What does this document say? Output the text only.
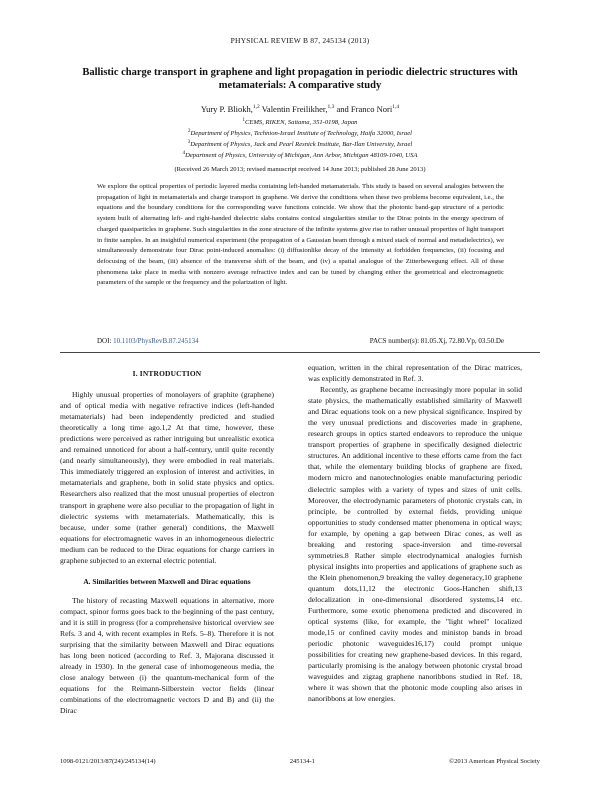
PHYSICAL REVIEW B 87, 245134 (2013)
Ballistic charge transport in graphene and light propagation in periodic dielectric structures with metamaterials: A comparative study
Yury P. Bliokh,$^{1,2}$ Valentin Freilikher,$^{1,3}$ and Franco Nori$^{1,4}$
$^1$CEMS, RIKEN, Saitama, 351-0198, Japan
$^2$Department of Physics, Technion-Israel Institute of Technology, Haifa 32000, Israel
$^3$Department of Physics, Jack and Pearl Resnick Institute, Bar-Ilan University, Israel
$^4$Department of Physics, University of Michigan, Ann Arbor, Michigan 48109-1040, USA
(Received 26 March 2013; revised manuscript received 14 June 2013; published 28 June 2013)
We explore the optical properties of periodic layered media containing left-handed metamaterials. This study is based on several analogies between the propagation of light in metamaterials and charge transport in graphene. We derive the conditions when these two problems become equivalent, i.e., the equations and the boundary conditions for the corresponding wave functions coincide. We show that the photonic band-gap structure of a periodic system built of alternating left- and right-handed dielectric slabs contains conical singularities similar to the Dirac points in the energy spectrum of charged quasiparticles in graphene. Such singularities in the zone structure of the infinite systems give rise to rather unusual properties of light transport in finite samples. In an insightful numerical experiment (the propagation of a Gaussian beam through a mixed stack of normal and metadielectrics), we simultaneously demonstrate four Dirac point-induced anomalies: (i) diffusionlike decay of the intensity at forbidden frequencies, (ii) focusing and defocusing of the beam, (iii) absence of the transverse shift of the beam, and (iv) a spatial analogue of the Zitterbewegung effect. All of these phenomena take place in media with nonzero average refractive index and can be tuned by changing either the geometrical and electromagnetic parameters of the sample or the frequency and the polarization of light.
DOI: 10.1103/PhysRevB.87.245134	PACS number(s): 81.05.Xj, 72.80.Vp, 03.50.De
I. INTRODUCTION

Highly unusual properties of monolayers of graphite (graphene) and of optical media with negative refractive indices (left-handed metamaterials) had been independently predicted and studied theoretically a long time ago.1,2 At that time, however, these predictions were perceived as rather intriguing but unrealistic exotica and remained unnoticed for about a half-century, until quite recently (and nearly simultaneously), they were embodied in real materials. This immediately triggered an explosion of interest and activities, in metamaterials and graphene, both in solid state physics and optics. Researchers also realized that the most unusual properties of electron transport in graphene were also peculiar to the propagation of light in dielectric systems with metamaterials. Mathematically, this is because, under some (rather general) conditions, the Maxwell equations for electromagnetic waves in an inhomogeneous dielectric medium can be reduced to the Dirac equations for charge carriers in graphene subjected to an external electric potential.

A. Similarities between Maxwell and Dirac equations

The history of recasting Maxwell equations in alternative, more compact, spinor forms goes back to the beginning of the past century, and it is still in progress (for a comprehensive historical overview see Refs. 3 and 4, with recent examples in Refs. 5–8). Therefore it is not surprising that the similarity between Maxwell and Dirac equations has long been noticed (according to Ref. 3, Majorana discussed it already in 1930). In the general case of inhomogeneous media, the close analogy between (i) the quantum-mechanical form of the equations for the Reimann-Silberstein vector fields (linear combinations of the electromagnetic vectors D and B) and (ii) the Dirac

equation, written in the chiral representation of the Dirac matrices, was explicitly demonstrated in Ref. 3.

Recently, as graphene became increasingly more popular in solid state physics, the mathematically established similarity of Maxwell and Dirac equations took on a new physical significance. Inspired by the very unusual predictions and discoveries made in graphene, research groups in optics started endeavors to reproduce the unique transport properties of graphene in specifically designed dielectric structures. An additional incentive to these efforts came from the fact that, while the elementary building blocks of graphene are fixed, modern micro and nanotechnologies enable manufacturing periodic dielectric samples with a variety of types and sizes of unit cells. Moreover, the electrodynamic parameters of photonic crystals can, in principle, be controlled by external fields, providing unique opportunities to study condensed matter phenomena in optical ways; for example, by opening a gap between Dirac cones, as well as breaking and restoring space-inversion and time-reversal symmetries.8 Rather simple electrodynamical analogies furnish physical insights into properties and applications of graphene such as the Klein phenomenon,9 breaking the valley degeneracy,10 graphene quantum dots,11,12 the electronic Goos-Hanchen shift,13 delocalization in one-dimensional disordered systems,14 etc. Furthermore, some exotic phenomena predicted and discovered in optical systems (like, for example, the "light wheel" localized mode,15 or confined cavity modes and ministop bands in broad periodic photonic waveguides16,17) could prompt unique possibilities for creating new graphene-based devices. In this regard, particularly promising is the analogy between photonic crystal broad waveguides and zigzag graphene nanoribbons studied in Ref. 18, where it was shown that the photonic mode coupling also arises in nanoribbons at low energies.

1098-0121/2013/87(24)/245134(14)	245134-1	©2013 American Physical Society
